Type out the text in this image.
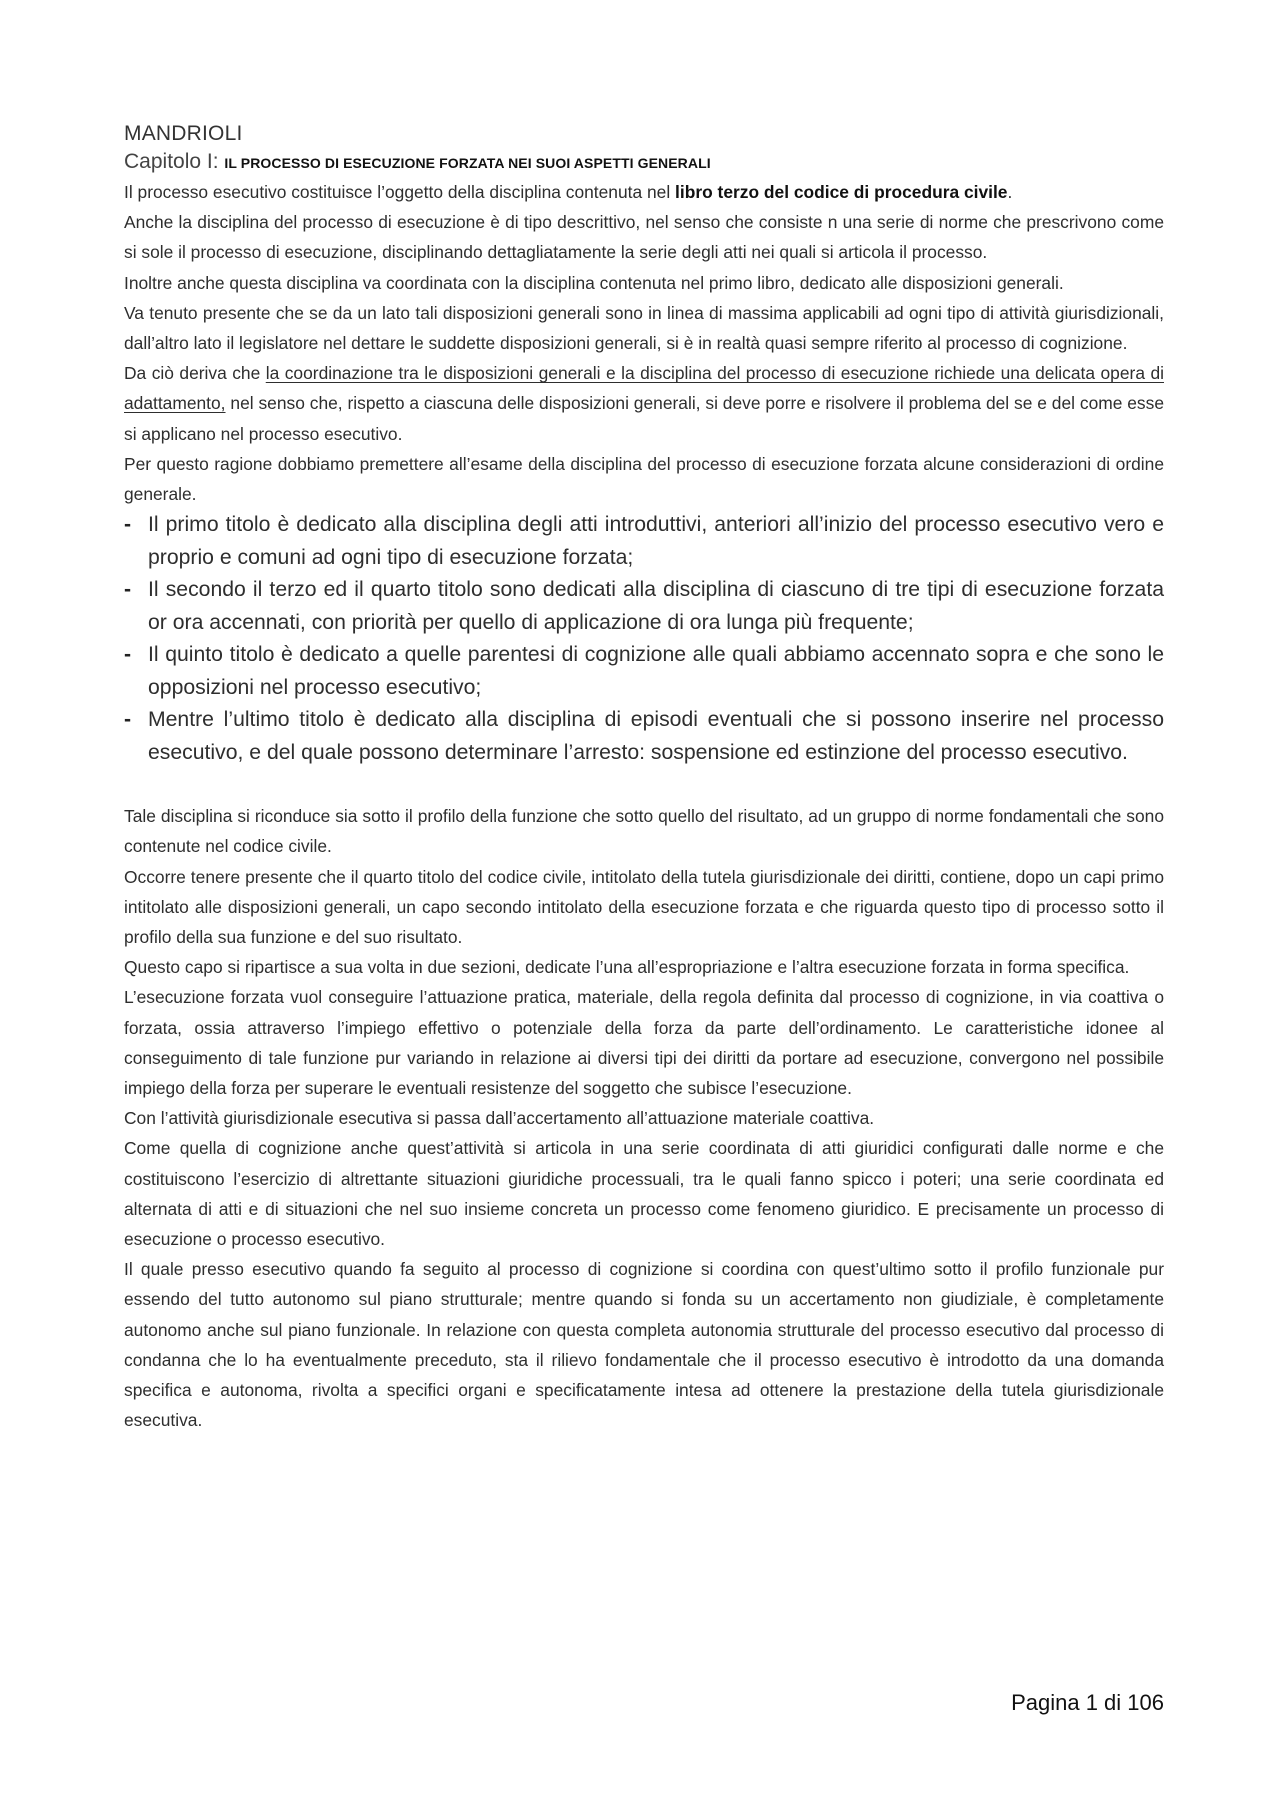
MANDRIOLI
Capitolo I: IL PROCESSO DI ESECUZIONE FORZATA NEI SUOI ASPETTI GENERALI

Il processo esecutivo costituisce l’oggetto della disciplina contenuta nel libro terzo del codice di procedura civile.

Anche la disciplina del processo di esecuzione è di tipo descrittivo, nel senso che consiste n una serie di norme che prescrivono come si sole il processo di esecuzione, disciplinando dettagliatamente la serie degli atti nei quali si articola il processo.

Inoltre anche questa disciplina va coordinata con la disciplina contenuta nel primo libro, dedicato alle disposizioni generali.

Va tenuto presente che se da un lato tali disposizioni generali sono in linea di massima applicabili ad ogni tipo di attività giurisdizionali, dall’altro lato il legislatore nel dettare le suddette disposizioni generali, si è in realtà quasi sempre riferito al processo di cognizione.

Da ciò deriva che la coordinazione tra le disposizioni generali e la disciplina del processo di esecuzione richiede una delicata opera di adattamento, nel senso che, rispetto a ciascuna delle disposizioni generali, si deve porre e risolvere il problema del se e del come esse si applicano nel processo esecutivo.

Per questo ragione dobbiamo premettere all’esame della disciplina del processo di esecuzione forzata alcune considerazioni di ordine generale.

- Il primo titolo è dedicato alla disciplina degli atti introduttivi, anteriori all’inizio del processo esecutivo vero e proprio e comuni ad ogni tipo di esecuzione forzata;
- Il secondo il terzo ed il quarto titolo sono dedicati alla disciplina di ciascuno di tre tipi di esecuzione forzata or ora accennati, con priorità per quello di applicazione di ora lunga più frequente;
- Il quinto titolo è dedicato a quelle parentesi di cognizione alle quali abbiamo accennato sopra e che sono le opposizioni nel processo esecutivo;
- Mentre l’ultimo titolo è dedicato alla disciplina di episodi eventuali che si possono inserire nel processo esecutivo, e del quale possono determinare l’arresto: sospensione ed estinzione del processo esecutivo.

Tale disciplina si riconduce sia sotto il profilo della funzione che sotto quello del risultato, ad un gruppo di norme fondamentali che sono contenute nel codice civile.

Occorre tenere presente che il quarto titolo del codice civile, intitolato della tutela giurisdizionale dei diritti, contiene, dopo un capi primo intitolato alle disposizioni generali, un capo secondo intitolato della esecuzione forzata e che riguarda questo tipo di processo sotto il profilo della sua funzione e del suo risultato.

Questo capo si ripartisce a sua volta in due sezioni, dedicate l’una all’espropriazione e l’altra esecuzione forzata in forma specifica.

L’esecuzione forzata vuol conseguire l’attuazione pratica, materiale, della regola definita dal processo di cognizione, in via coattiva o forzata, ossia attraverso l’impiego effettivo o potenziale della forza da parte dell’ordinamento. Le caratteristiche idonee al conseguimento di tale funzione pur variando in relazione ai diversi tipi dei diritti da portare ad esecuzione, convergono nel possibile impiego della forza per superare le eventuali resistenze del soggetto che subisce l’esecuzione.

Con l’attività giurisdizionale esecutiva si passa dall’accertamento all’attuazione materiale coattiva.

Come quella di cognizione anche quest’attività si articola in una serie coordinata di atti giuridici configurati dalle norme e che costituiscono l’esercizio di altrettante situazioni giuridiche processuali, tra le quali fanno spicco i poteri; una serie coordinata ed alternata di atti e di situazioni che nel suo insieme concreta un processo come fenomeno giuridico. E precisamente un processo di esecuzione o processo esecutivo.

Il quale presso esecutivo quando fa seguito al processo di cognizione si coordina con quest’ultimo sotto il profilo funzionale pur essendo del tutto autonomo sul piano strutturale; mentre quando si fonda su un accertamento non giudiziale, è completamente autonomo anche sul piano funzionale. In relazione con questa completa autonomia strutturale del processo esecutivo dal processo di condanna che lo ha eventualmente preceduto, sta il rilievo fondamentale che il processo esecutivo è introdotto da una domanda specifica e autonoma, rivolta a specifici organi e specificatamente intesa ad ottenere la prestazione della tutela giurisdizionale esecutiva.

Pagina 1 di 106
